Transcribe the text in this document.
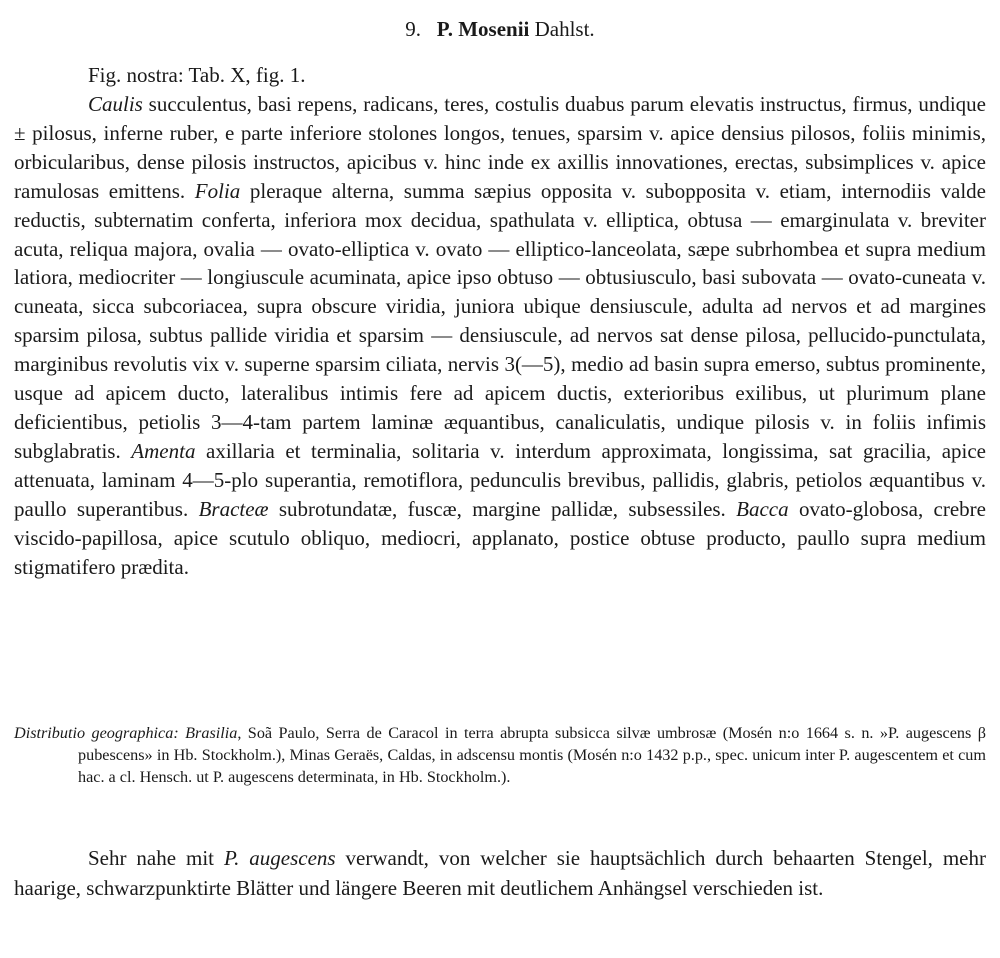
9. P. Mosenii Dahlst.
Fig. nostra: Tab. X, fig. 1.

Caulis succulentus, basi repens, radicans, teres, costulis duabus parum elevatis instructus, firmus, undique ± pilosus, inferne ruber, e parte inferiore stolones longos, tenues, sparsim v. apice densius pilosos, foliis minimis, orbicularibus, dense pilosis instructos, apicibus v. hinc inde ex axillis innovationes, erectas, subsimplices v. apice ramulosas emittens. Folia pleraque alterna, summa sæpius opposita v. subopposita v. etiam, internodiis valde reductis, subternatim conferta, inferiora mox decidua, spathulata v. elliptica, obtusa — emarginulata v. breviter acuta, reliqua majora, ovalia — ovato-elliptica v. ovato — elliptico-lanceolata, sæpe subrhombea et supra medium latiora, mediocriter — longiuscule acuminata, apice ipso obtuso — obtusiusculo, basi subovata — ovato-cuneata v. cuneata, sicca subcoriacea, supra obscure viridia, juniora ubique densiuscule, adulta ad nervos et ad margines sparsim pilosa, subtus pallide viridia et sparsim — densiuscule, ad nervos sat dense pilosa, pellucido-punctulata, marginibus revolutis vix v. superne sparsim ciliata, nervis 3(—5), medio ad basin supra emerso, subtus prominente, usque ad apicem ducto, lateralibus intimis fere ad apicem ductis, exterioribus exilibus, ut plurimum plane deficientibus, petiolis 3—4-tam partem laminæ æquantibus, canaliculatis, undique pilosis v. in foliis infimis subglabratis. Amenta axillaria et terminalia, solitaria v. interdum approximata, longissima, sat gracilia, apice attenuata, laminam 4—5-plo superantia, remotiflora, pedunculis brevibus, pallidis, glabris, petiolos æquantibus v. paullo superantibus. Bracteæ subrotundatæ, fuscæ, margine pallidæ, subsessiles. Bacca ovato-globosa, crebre viscido-papillosa, apice scutulo obliquo, mediocri, applanato, postice obtuse producto, paullo supra medium stigmatifero prædita.

Distributio geographica: Brasilia, Soã Paulo, Serra de Caracol in terra abrupta subsicca silvæ umbrosæ (Mosén n:o 1664 s. n. »P. augescens β pubescens» in Hb. Stockholm.), Minas Geraës, Caldas, in adscensu montis (Mosén n:o 1432 p.p., spec. unicum inter P. augescentem et cum hac. a cl. Hensch. ut P. augescens determinata, in Hb. Stockholm.).

Sehr nahe mit P. augescens verwandt, von welcher sie hauptsächlich durch behaarten Stengel, mehr haarige, schwarzpunktirte Blätter und längere Beeren mit deutlichem Anhängsel verschieden ist.
